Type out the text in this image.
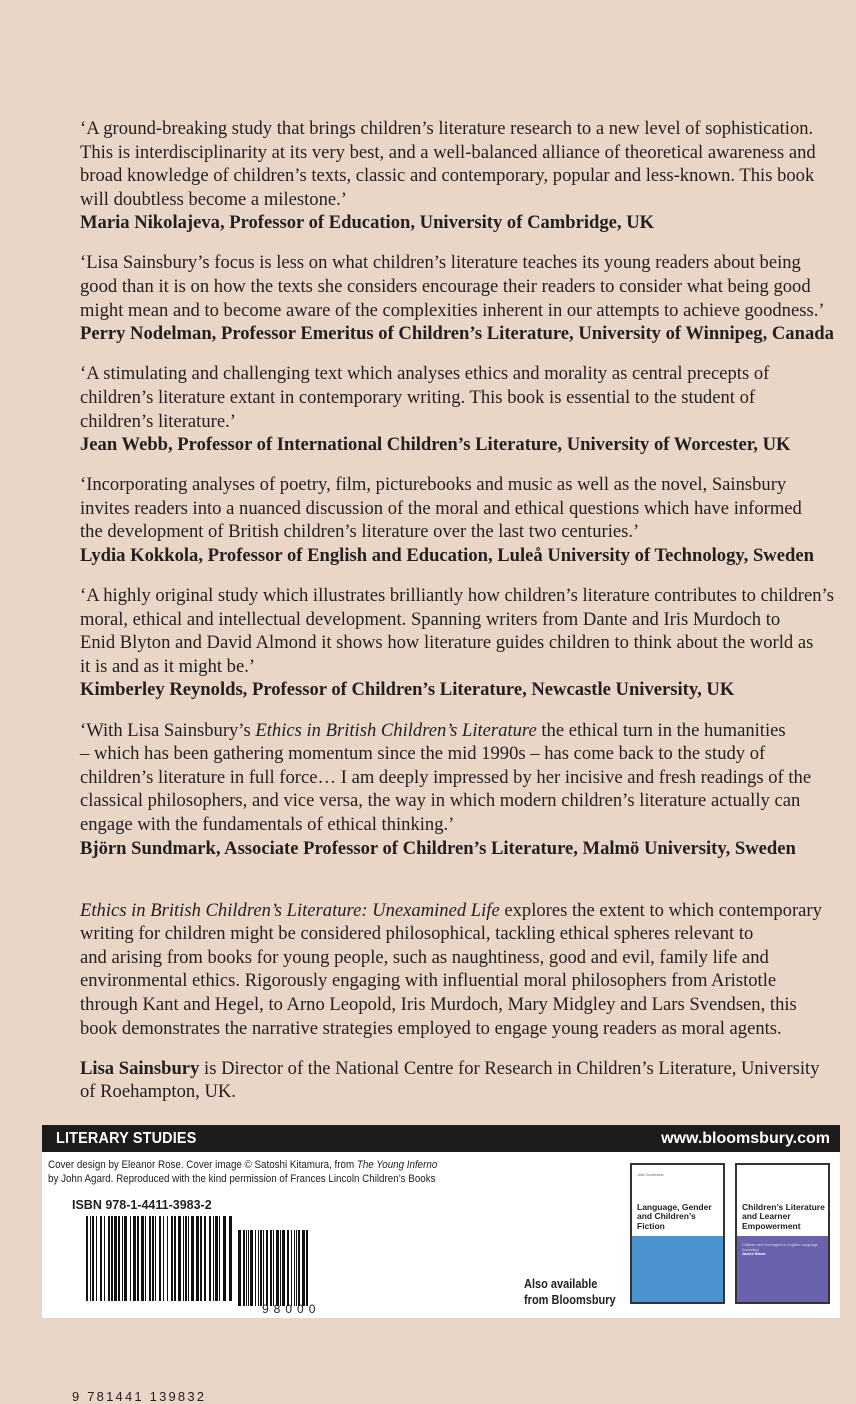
‘A ground-breaking study that brings children’s literature research to a new level of sophistication.
This is interdisciplinarity at its very best, and a well-balanced alliance of theoretical awareness and
broad knowledge of children’s texts, classic and contemporary, popular and less-known. This book
will doubtless become a milestone.’
Maria Nikolajeva, Professor of Education, University of Cambridge, UK
‘Lisa Sainsbury’s focus is less on what children’s literature teaches its young readers about being
good than it is on how the texts she considers encourage their readers to consider what being good
might mean and to become aware of the complexities inherent in our attempts to achieve goodness.’
Perry Nodelman, Professor Emeritus of Children’s Literature, University of Winnipeg, Canada
‘A stimulating and challenging text which analyses ethics and morality as central precepts of
children’s literature extant in contemporary writing. This book is essential to the student of
children’s literature.’
Jean Webb, Professor of International Children’s Literature, University of Worcester, UK
‘Incorporating analyses of poetry, film, picturebooks and music as well as the novel, Sainsbury
invites readers into a nuanced discussion of the moral and ethical questions which have informed
the development of British children’s literature over the last two centuries.’
Lydia Kokkola, Professor of English and Education, Luleå University of Technology, Sweden
‘A highly original study which illustrates brilliantly how children’s literature contributes to children’s
moral, ethical and intellectual development. Spanning writers from Dante and Iris Murdoch to
Enid Blyton and David Almond it shows how literature guides children to think about the world as
it is and as it might be.’
Kimberley Reynolds, Professor of Children’s Literature, Newcastle University, UK
‘With Lisa Sainsbury’s Ethics in British Children’s Literature the ethical turn in the humanities
– which has been gathering momentum since the mid 1990s – has come back to the study of
children’s literature in full force… I am deeply impressed by her incisive and fresh readings of the
classical philosophers, and vice versa, the way in which modern children’s literature actually can
engage with the fundamentals of ethical thinking.’
Björn Sundmark, Associate Professor of Children’s Literature, Malmö University, Sweden
Ethics in British Children’s Literature: Unexamined Life explores the extent to which contemporary
writing for children might be considered philosophical, tackling ethical spheres relevant to
and arising from books for young people, such as naughtiness, good and evil, family life and
environmental ethics. Rigorously engaging with influential moral philosophers from Aristotle
through Kant and Hegel, to Arno Leopold, Iris Murdoch, Mary Midgley and Lars Svendsen, this
book demonstrates the narrative strategies employed to engage young readers as moral agents.
Lisa Sainsbury is Director of the National Centre for Research in Children’s Literature, University
of Roehampton, UK.
LITERARY STUDIES	www.bloomsbury.com
Cover design by Eleanor Rose. Cover image © Satoshi Kitamura, from The Young Inferno
by John Agard. Reproduced with the kind permission of Frances Lincoln Children’s Books
ISBN 978-1-4411-3983-2
98000
9 781441 139832
Also available
from Bloomsbury
Jane Sunderland
Language, Gender and Children’s Fiction
Children’s Literature and Learner Empowerment
Children and Teenagers in English Language Education
Janice Bland
